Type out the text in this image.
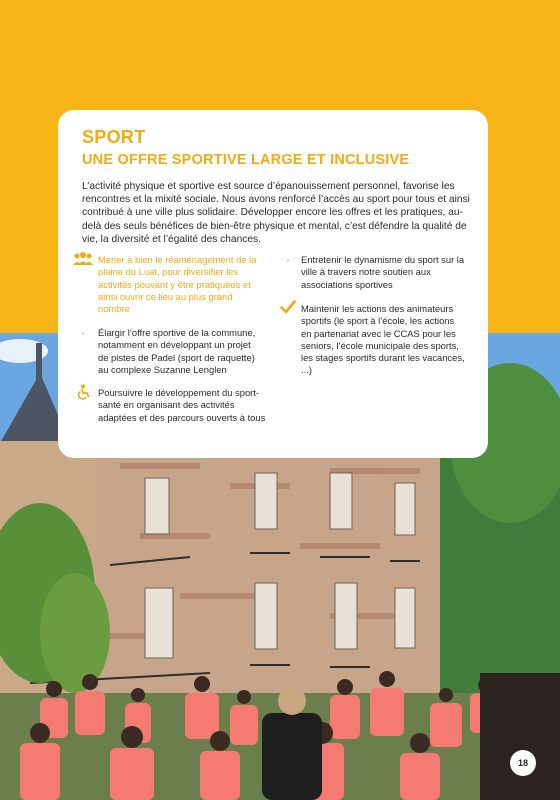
SPORT
UNE OFFRE SPORTIVE LARGE ET INCLUSIVE

L’activité physique et sportive est source d’épanouissement personnel, favorise les rencontres et la mixité sociale. Nous avons renforcé l’accès au sport pour tous et ainsi contribué à une ville plus solidaire. Développer encore les offres et les pratiques, au-delà des seuls bénéfices de bien-être physique et mental, c’est défendre la qualité de vie, la diversité et l’égalité des chances.

Mener à bien le réaménagement de la plaine du Luat, pour diversifier les activités pouvant y être pratiquées et ainsi ouvrir ce lieu au plus grand nombre
·	Élargir l’offre sportive de la commune, notamment en développant un projet de pistes de Padel (sport de raquette) au complexe Suzanne Lenglen
Poursuivre le développement du sport-santé en organisant des activités adaptées et des parcours ouverts à tous
·	Entretenir le dynamisme du sport sur la ville à travers notre soutien aux associations sportives
Maintenir les actions des animateurs sportifs (le sport à l’école, les actions en partenariat avec le CCAS pour les seniors, l’école municipale des sports, les stages sportifs durant les vacances, ...)
18
